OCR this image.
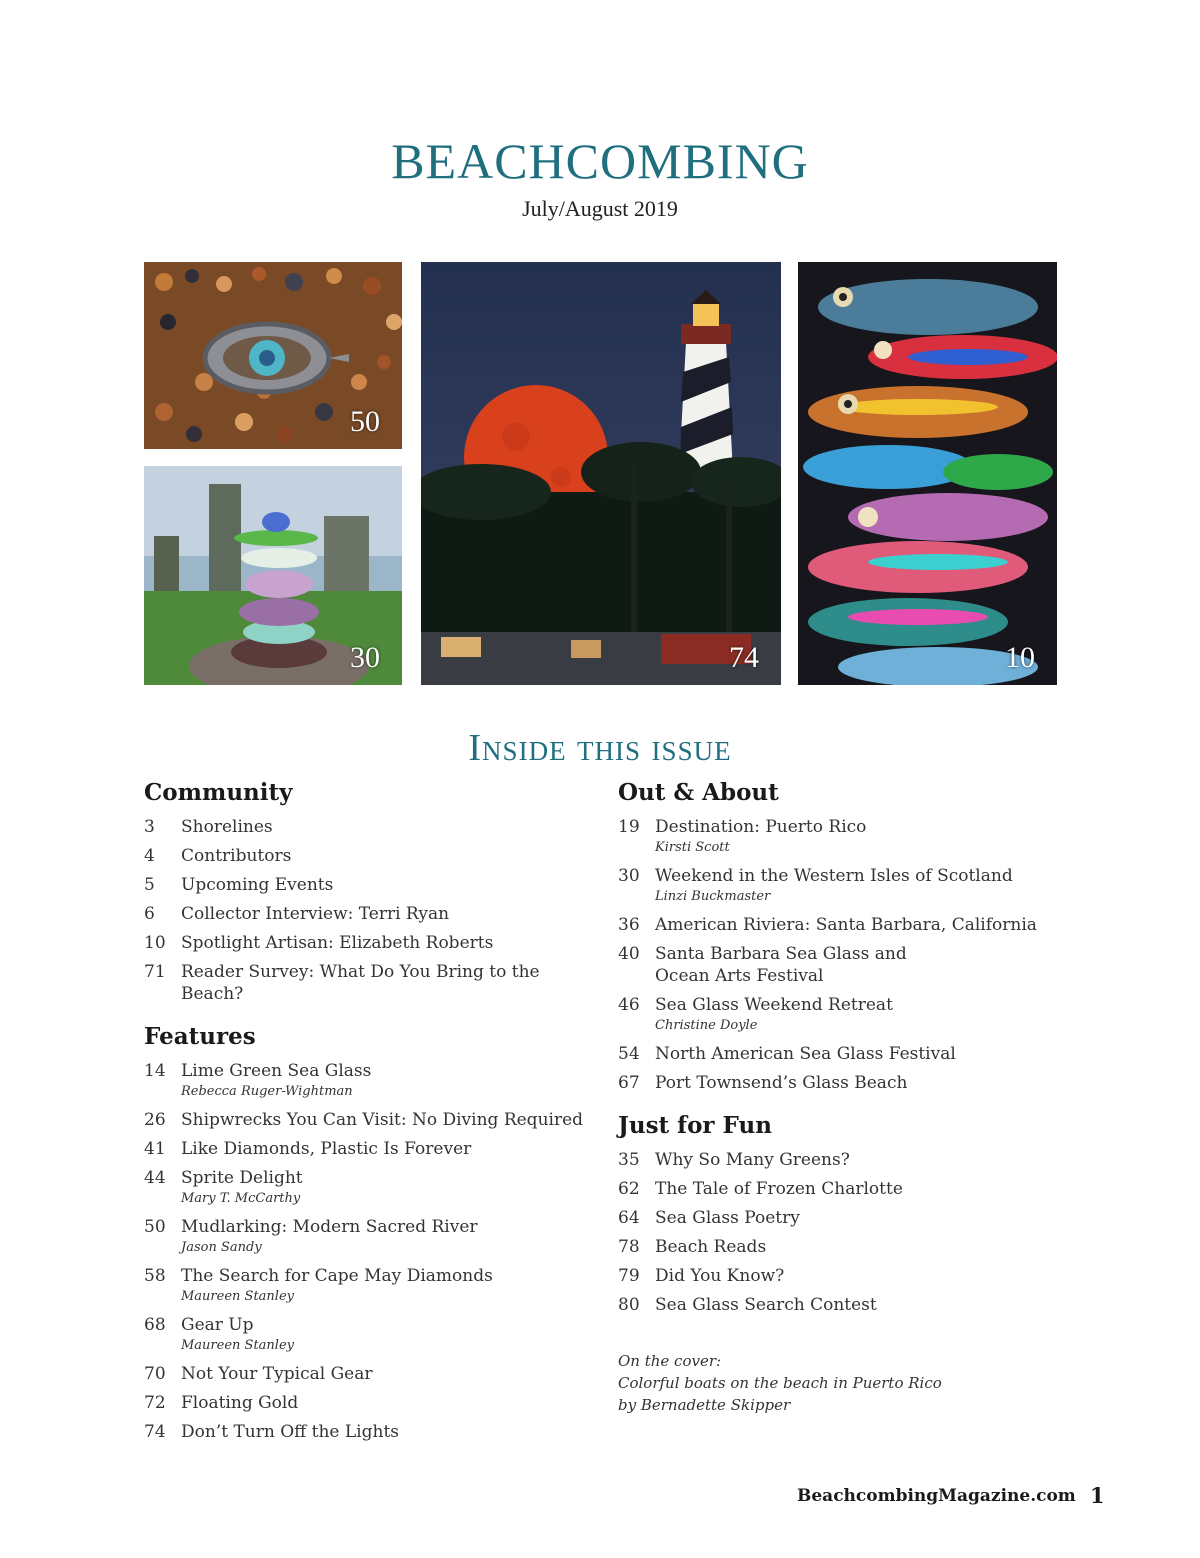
BEACHCOMBING
July/August 2019
50
30	74	10
Inside this issue
Community
3	Shorelines
4	Contributors
5	Upcoming Events
6	Collector Interview: Terri Ryan
10 Spotlight Artisan: Elizabeth Roberts
71 Reader Survey: What Do You Bring to the Beach?
Features
14 Lime Green Sea Glass
Rebecca Ruger-Wightman
26 Shipwrecks You Can Visit: No Diving Required
41 Like Diamonds, Plastic Is Forever
44 Sprite Delight
Mary T. McCarthy
50 Mudlarking: Modern Sacred River
Jason Sandy
58 The Search for Cape May Diamonds
Maureen Stanley
68 Gear Up
Maureen Stanley
70 Not Your Typical Gear
72 Floating Gold
74 Don’t Turn Off the Lights
Out & About
19 Destination: Puerto Rico
Kirsti Scott
30 Weekend in the Western Isles of Scotland
Linzi Buckmaster
36 American Riviera: Santa Barbara, California
40 Santa Barbara Sea Glass and
Ocean Arts Festival
46 Sea Glass Weekend Retreat
Christine Doyle
54 North American Sea Glass Festival
67 Port Townsend’s Glass Beach
Just for Fun
35 Why So Many Greens?
62 The Tale of Frozen Charlotte
64 Sea Glass Poetry
78 Beach Reads
79 Did You Know?
80 Sea Glass Search Contest
On the cover:
Colorful boats on the beach in Puerto Rico
by Bernadette Skipper
BeachcombingMagazine.com 1
